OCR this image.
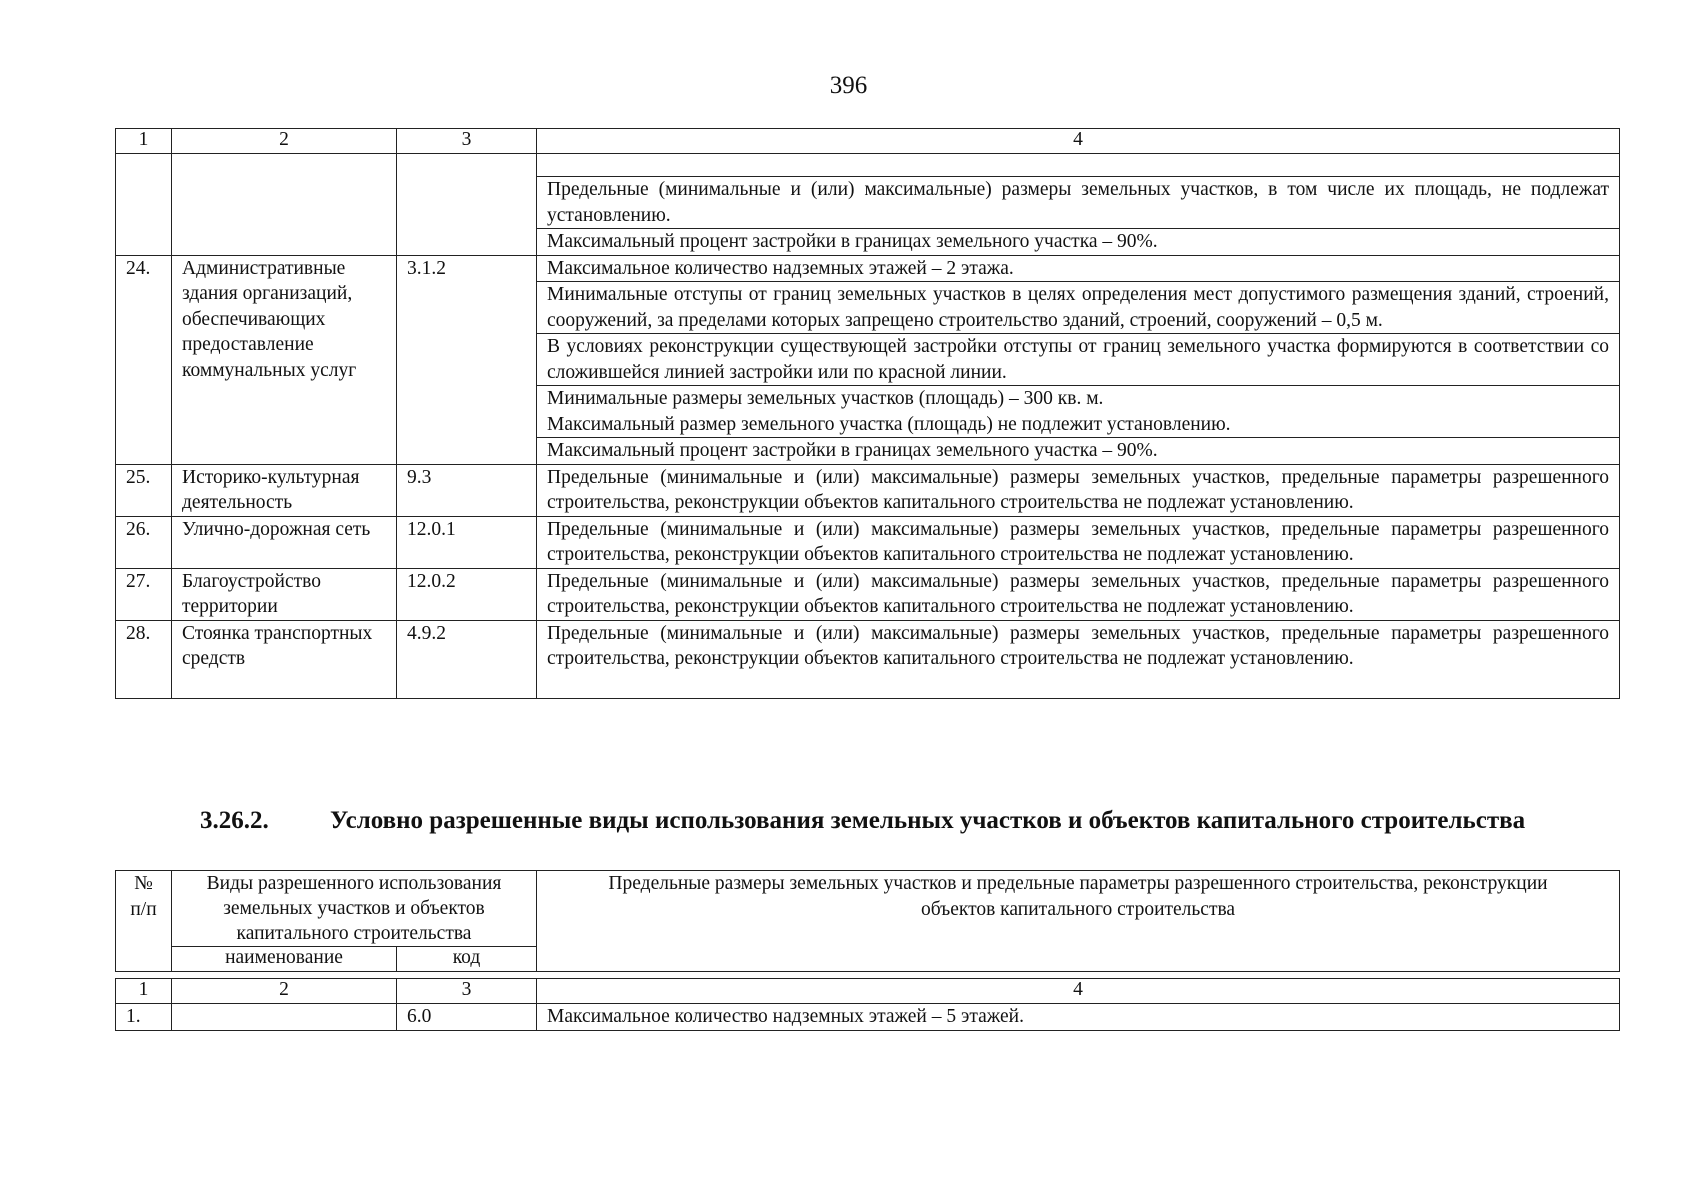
396
1	2	3	4

			Предельные (минимальные и (или) максимальные) размеры земельных участков, в том числе их площадь, не подлежат установлению.
			Максимальный процент застройки в границах земельного участка – 90%.
24.	Административные здания организаций, обеспечивающих предоставление коммунальных услуг	3.1.2	Максимальное количество надземных этажей – 2 этажа.
			Минимальные отступы от границ земельных участков в целях определения мест допустимого размещения зданий, строений, сооружений, за пределами которых запрещено строительство зданий, строений, сооружений – 0,5 м.
			В условиях реконструкции существующей застройки отступы от границ земельного участка формируются в соответствии со сложившейся линией застройки или по красной линии.

			Минимальные размеры земельных участков (площадь) – 300 кв. м.
Максимальный размер земельного участка (площадь) не подлежит установлению.

			Максимальный процент застройки в границах земельного участка – 90%.
25.	Историко-культурная деятельность	9.3	Предельные (минимальные и (или) максимальные) размеры земельных участков, предельные параметры разрешенного строительства, реконструкции объектов капитального строительства не подлежат установлению.
26.	Улично-дорожная сеть	12.0.1	Предельные (минимальные и (или) максимальные) размеры земельных участков, предельные параметры разрешенного строительства, реконструкции объектов капитального строительства не подлежат установлению.
27.	Благоустройство территории	12.0.2	Предельные (минимальные и (или) максимальные) размеры земельных участков, предельные параметры разрешенного строительства, реконструкции объектов капитального строительства не подлежат установлению.
28.	Стоянка транспортных средств	4.9.2	Предельные (минимальные и (или) максимальные) размеры земельных участков, предельные параметры разрешенного строительства, реконструкции объектов капитального строительства не подлежат установлению.
3.26.2. Условно разрешенные виды использования земельных участков и объектов капитального строительства
№ п/п	Виды разрешенного использования земельных участков и объектов капитального строительства		Предельные размеры земельных участков и предельные параметры разрешенного строительства, реконструкции объектов капитального строительства
	наименование	код	
1	2	3	4
1.		6.0	Максимальное количество надземных этажей – 5 этажей.
